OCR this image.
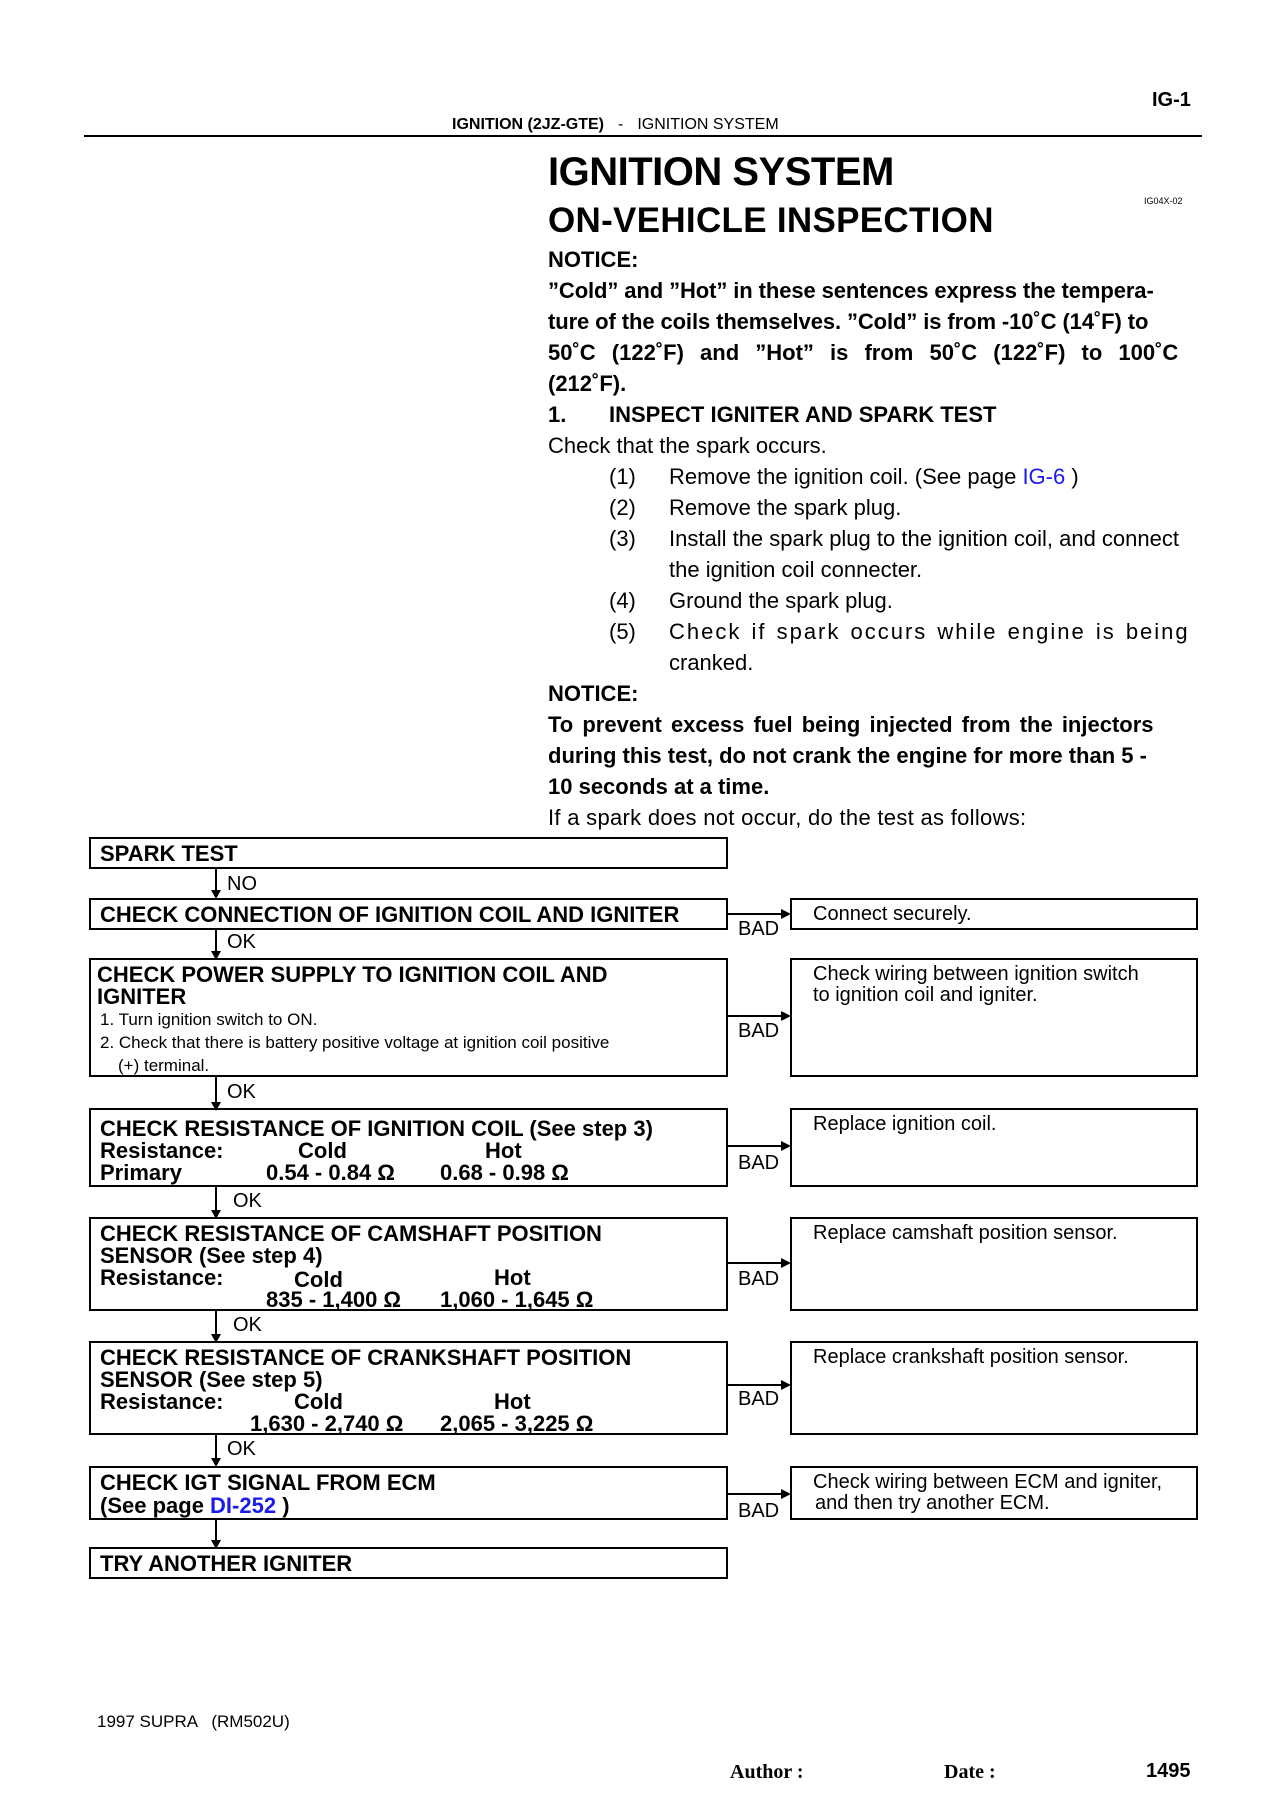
IG-1
IGNITION (2JZ-GTE) - IGNITION SYSTEM
IGNITION SYSTEM
IG04X-02
ON-VEHICLE INSPECTION
NOTICE:
”Cold” and ”Hot” in these sentences express the tempera-
ture of the coils themselves. ”Cold” is from -10˚C (14˚F) to
50˚C (122˚F) and ”Hot” is from 50˚C (122˚F) to 100˚C
(212˚F).
1.	INSPECT IGNITER AND SPARK TEST
Check that the spark occurs.
(1) Remove the ignition coil. (See page IG-6 )
(2) Remove the spark plug.
(3) Install the spark plug to the ignition coil, and connect
the ignition coil connecter.
(4) Ground the spark plug.
(5) Check if spark occurs while engine is being
cranked.
NOTICE:
To prevent excess fuel being injected from the injectors
during this test, do not crank the engine for more than 5 -
10 seconds at a time.
If a spark does not occur, do the test as follows:
SPARK TEST
NO
CHECK CONNECTION OF IGNITION COIL AND IGNITER
BAD
Connect securely.
OK
CHECK POWER SUPPLY TO IGNITION COIL AND
IGNITER
1. Turn ignition switch to ON.
2. Check that there is battery positive voltage at ignition coil positive
(+) terminal.
BAD
Check wiring between ignition switch
to ignition coil and igniter.
OK
CHECK RESISTANCE OF IGNITION COIL (See step 3)
Resistance:	Cold	Hot
Primary	0.54 - 0.84 Ω 0.68 - 0.98 Ω	BAD
Replace ignition coil.
OK
CHECK RESISTANCE OF CAMSHAFT POSITION
SENSOR (See step 4)
Resistance:	Cold	Hot
835 - 1,400 Ω 1,060 - 1,645 Ω
BAD
Replace camshaft position sensor.
OK
CHECK RESISTANCE OF CRANKSHAFT POSITION
SENSOR (See step 5)
Resistance:	Cold	Hot
1,630 - 2,740 Ω 2,065 - 3,225 Ω
BAD
Replace crankshaft position sensor.
OK
CHECK IGT SIGNAL FROM ECM
(See page DI-252 )	BAD
Check wiring between ECM and igniter,
and then try another ECM.
TRY ANOTHER IGNITER
1997 SUPRA   (RM502U)
Author :	Date :	1495
